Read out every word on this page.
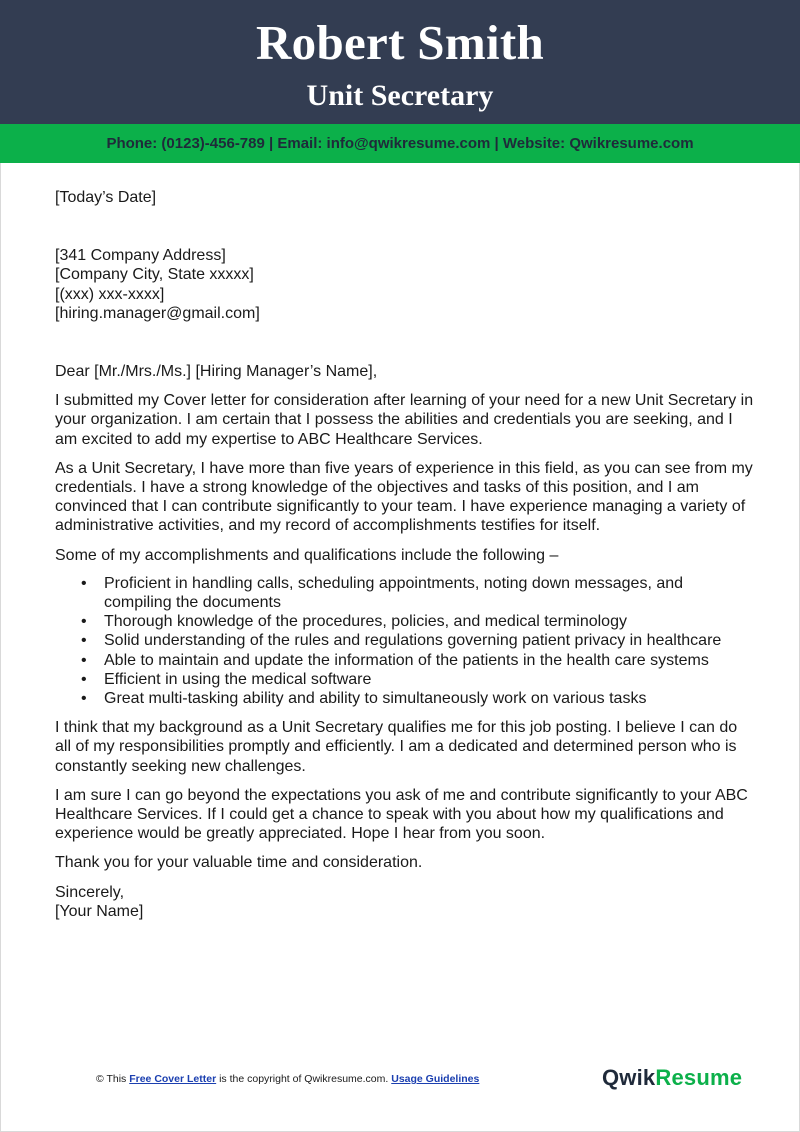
Robert Smith
Unit Secretary
Phone: (0123)-456-789 | Email: info@qwikresume.com | Website: Qwikresume.com

[Today’s Date]

[341 Company Address]

[Company City, State xxxxx]

[(xxx) xxx-xxxx]

[hiring.manager@gmail.com]

Dear [Mr./Mrs./Ms.] [Hiring Manager’s Name],

I submitted my Cover letter for consideration after learning of your need for a new Unit Secretary in your organization. I am certain that I possess the abilities and credentials you are seeking, and I am excited to add my expertise to ABC Healthcare Services.

As a Unit Secretary, I have more than five years of experience in this field, as you can see from my credentials. I have a strong knowledge of the objectives and tasks of this position, and I am convinced that I can contribute significantly to your team. I have experience managing a variety of administrative activities, and my record of accomplishments testifies for itself.

Some of my accomplishments and qualifications include the following –

• Proficient in handling calls, scheduling appointments, noting down messages, and compiling the documents
• Thorough knowledge of the procedures, policies, and medical terminology
• Solid understanding of the rules and regulations governing patient privacy in healthcare
• Able to maintain and update the information of the patients in the health care systems
• Efficient in using the medical software
• Great multi-tasking ability and ability to simultaneously work on various tasks

I think that my background as a Unit Secretary qualifies me for this job posting. I believe I can do all of my responsibilities promptly and efficiently. I am a dedicated and determined person who is constantly seeking new challenges.

I am sure I can go beyond the expectations you ask of me and contribute significantly to your ABC Healthcare Services. If I could get a chance to speak with you about how my qualifications and experience would be greatly appreciated. Hope I hear from you soon.

Thank you for your valuable time and consideration.

Sincerely,

[Your Name]

© This Free Cover Letter is the copyright of Qwikresume.com. Usage Guidelines	QwikResume
